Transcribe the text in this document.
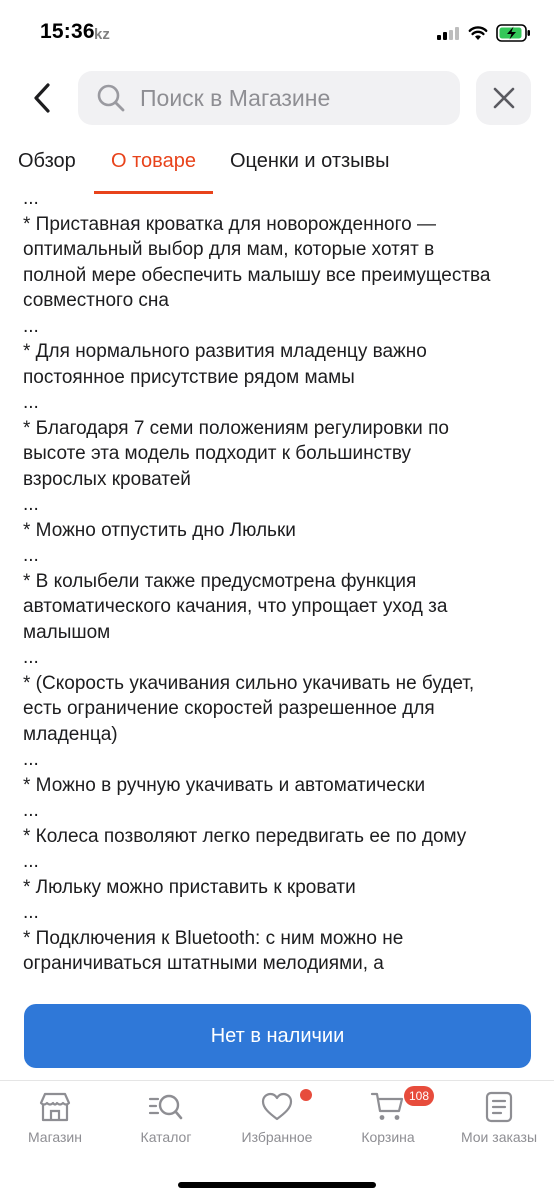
kz
15:36
Поиск в Магазине
Обзор О товаре Оценки и отзывы
...
* Приставная кроватка для новорожденного —
оптимальный выбор для мам, которые хотят в
полной мере обеспечить малышу все преимущества
совместного сна
...
* Для нормального развития младенцу важно
постоянное присутствие рядом мамы
...
* Благодаря 7 семи положениям регулировки по
высоте эта модель подходит к большинству
взрослых кроватей
...
* Можно отпустить дно Люльки
...
* В колыбели также предусмотрена функция
автоматического качания, что упрощает уход за
малышом
...
* (Скорость укачивания сильно укачивать не будет,
есть ограничение скоростей разрешенное для
младенца)
...
* Можно в ручную укачивать и автоматически
...
* Колеса позволяют легко передвигать ее по дому
...
* Люльку можно приставить к кровати
...
* Подключения к Bluetooth: с ним можно не
ограничиваться штатными мелодиями, а
Нет в наличии
Магазин	Каталог	Избранное
108
Корзина	Мои заказы
